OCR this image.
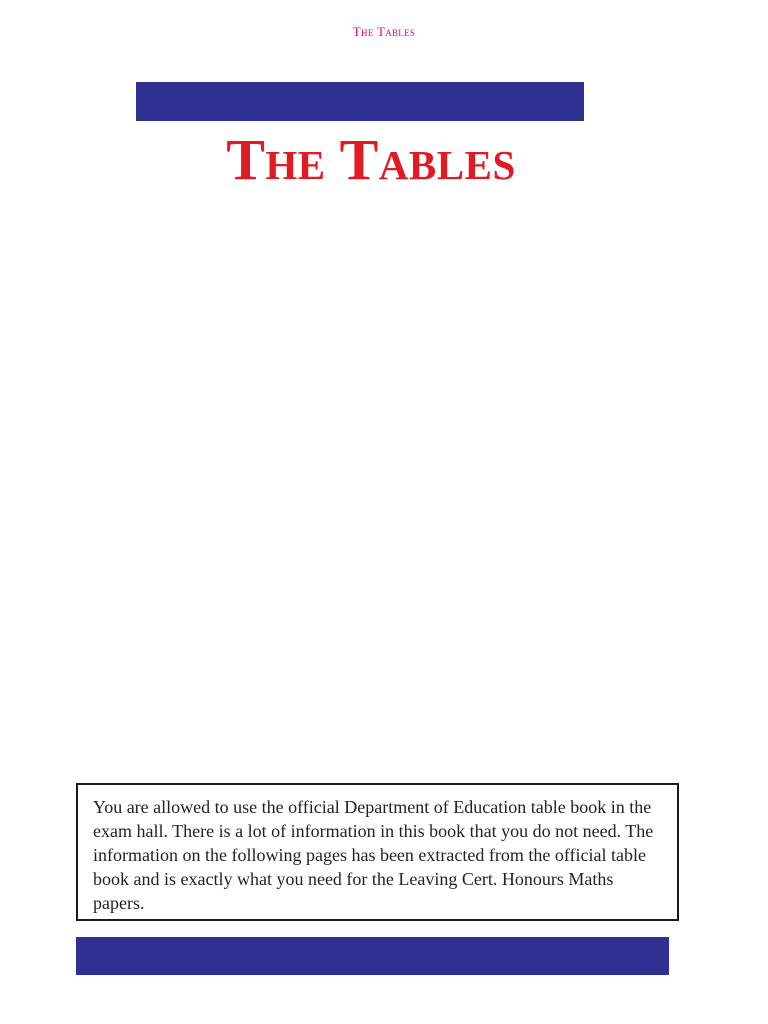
The Tables
The Tables

You are allowed to use the official Department of Education table book in the exam hall. There is a lot of information in this book that you do not need. The information on the following pages has been extracted from the official table book and is exactly what you need for the Leaving Cert. Honours Maths papers.
